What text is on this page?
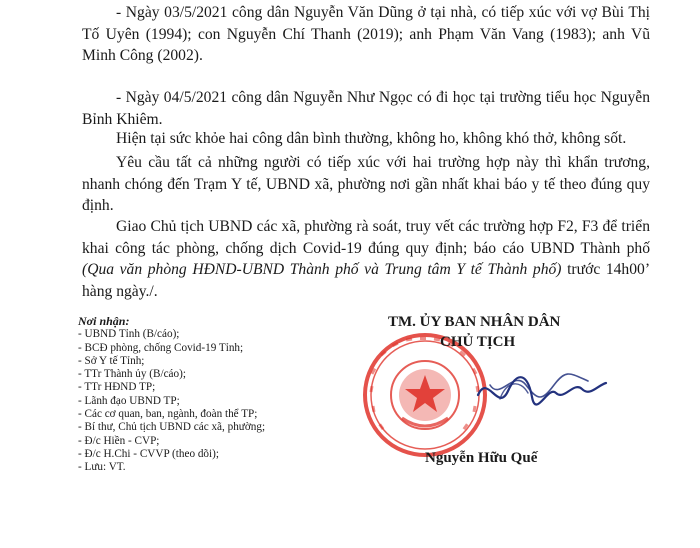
- Ngày 03/5/2021 công dân Nguyễn Văn Dũng ở tại nhà, có tiếp xúc với vợ Bùi Thị Tố Uyên (1994); con Nguyễn Chí Thanh (2019); anh Phạm Văn Vang (1983); anh Vũ Minh Công (2002).

- Ngày 04/5/2021 công dân Nguyễn Như Ngọc có đi học tại trường tiểu học Nguyễn Bỉnh Khiêm.

Hiện tại sức khỏe hai công dân bình thường, không ho, không khó thở, không sốt.

Yêu cầu tất cả những người có tiếp xúc với hai trường hợp này thì khẩn trương, nhanh chóng đến Trạm Y tế, UBND xã, phường nơi gần nhất khai báo y tế theo đúng quy định.

Giao Chủ tịch UBND các xã, phường rà soát, truy vết các trường hợp F2, F3 để triển khai công tác phòng, chống dịch Covid-19 đúng quy định; báo cáo UBND Thành phố (Qua văn phòng HĐND-UBND Thành phố và Trung tâm Y tế Thành phố) trước 14h00’ hàng ngày./.

Nơi nhận:
- UBND Tỉnh (B/cáo);
- BCĐ phòng, chống Covid-19 Tỉnh;
- Sở Y tế Tỉnh;
- TTr Thành ủy (B/cáo);
- TTr HĐND TP;
- Lãnh đạo UBND TP;
- Các cơ quan, ban, ngành, đoàn thể TP;
- Bí thư, Chủ tịch UBND các xã, phường;
- Đ/c Hiền - CVP;
- Đ/c H.Chi - CVVP (theo dõi);
- Lưu: VT.
TM. ỦY BAN NHÂN DÂN
CHỦ TỊCH
Nguyễn Hữu Quế
